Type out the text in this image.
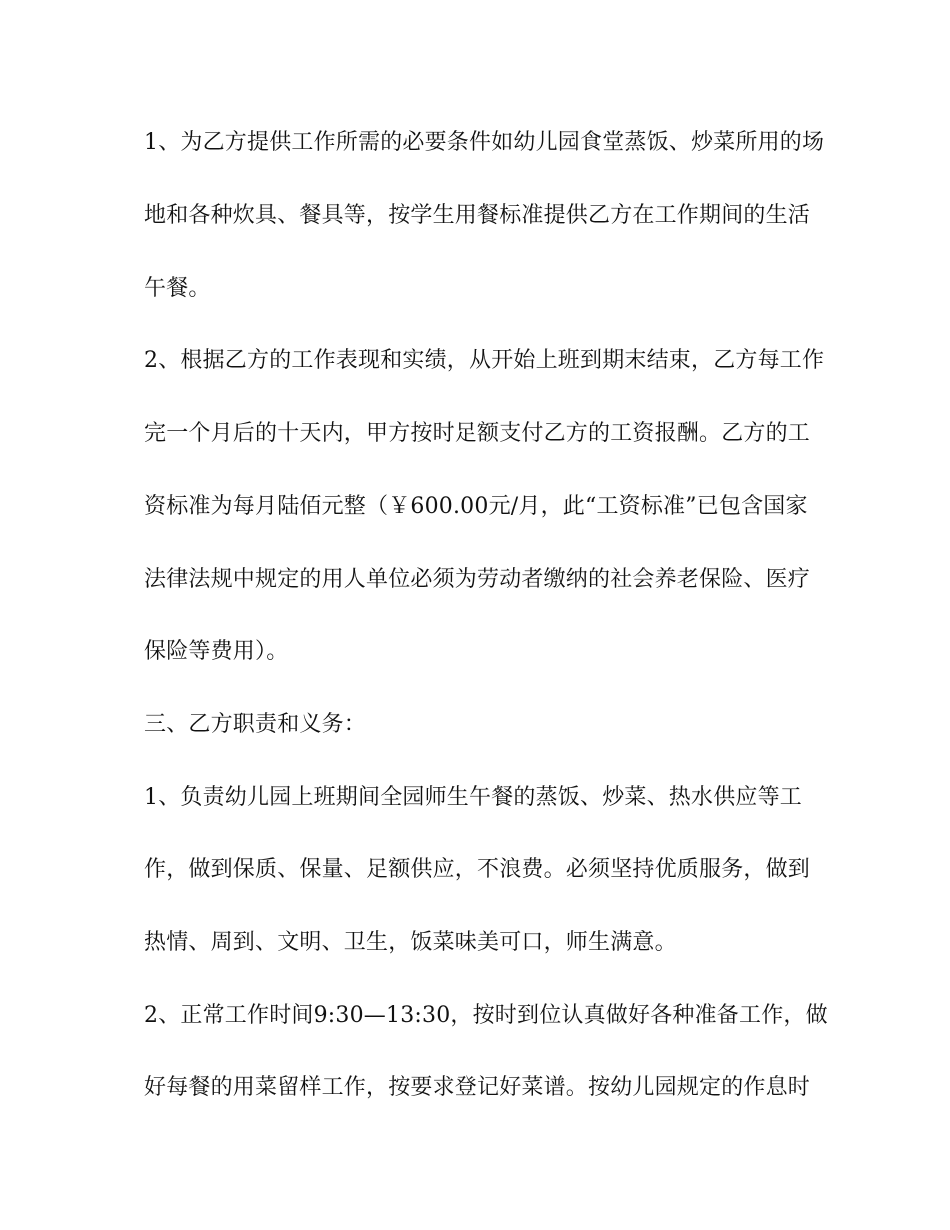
1、为乙方提供工作所需的必要条件如幼儿园食堂蒸饭、炒菜所用的场

地和各种炊具、餐具等，按学生用餐标准提供乙方在工作期间的生活

午餐。

2、根据乙方的工作表现和实绩，从开始上班到期末结束，乙方每工作

完一个月后的十天内，甲方按时足额支付乙方的工资报酬。乙方的工

资标准为每月陆佰元整（￥600.00元/月，此“工资标准”已包含国家

法律法规中规定的用人单位必须为劳动者缴纳的社会养老保险、医疗

保险等费用）。

三、乙方职责和义务：

1、负责幼儿园上班期间全园师生午餐的蒸饭、炒菜、热水供应等工

作，做到保质、保量、足额供应，不浪费。必须坚持优质服务，做到

热情、周到、文明、卫生，饭菜味美可口，师生满意。

2、正常工作时间9:30—13:30，按时到位认真做好各种准备工作，做

好每餐的用菜留样工作，按要求登记好菜谱。按幼儿园规定的作息时
